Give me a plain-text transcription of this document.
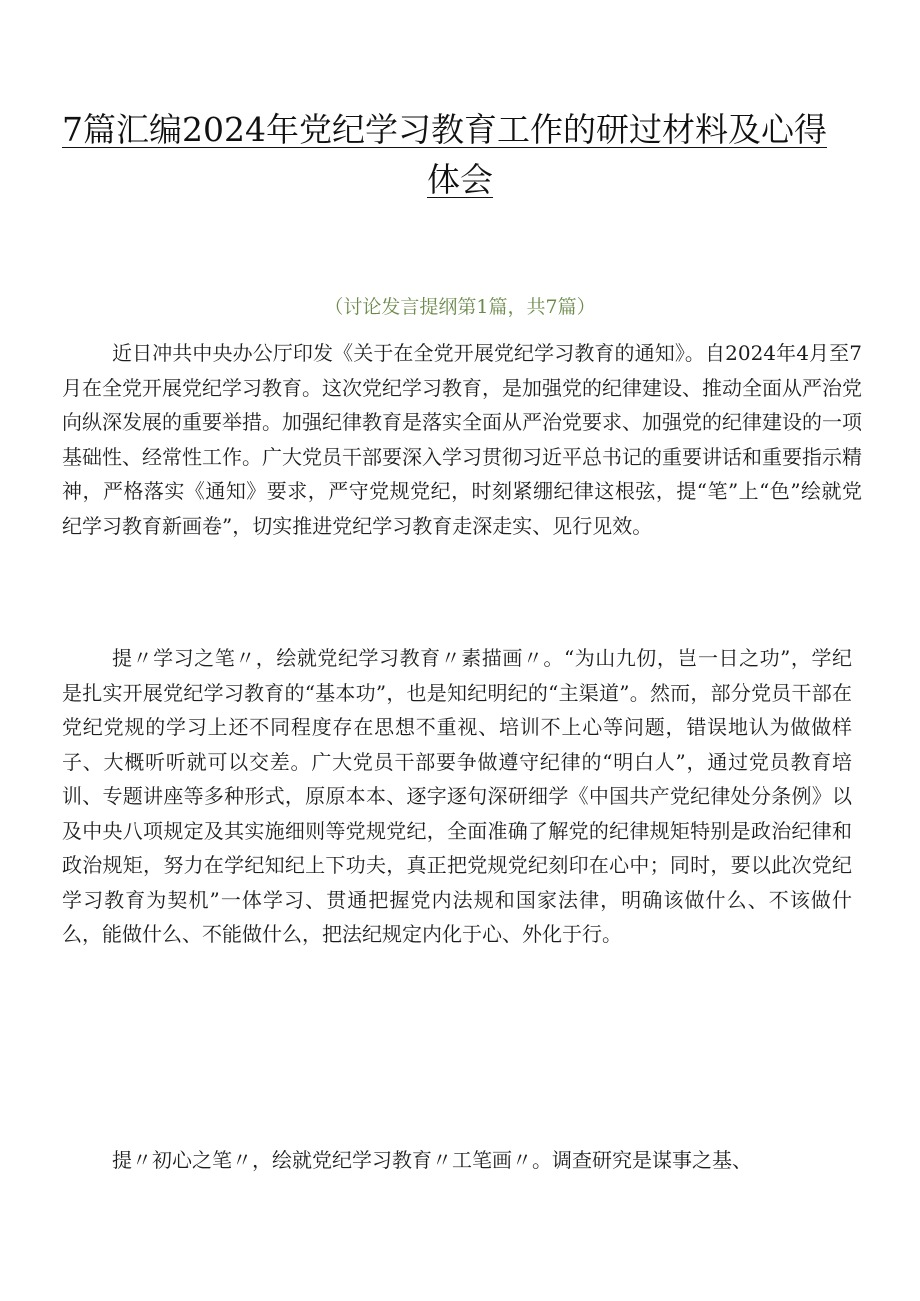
7篇汇编2024年党纪学习教育工作的研过材料及心得
体会
（讨论发言提纲第1篇，共7篇）
近日冲共中央办公厅印发《关于在全党开展党纪学习教育的通知》。自2024年4月至7月在全党开展党纪学习教育。这次党纪学习教育，是加强党的纪律建设、推动全面从严治党向纵深发展的重要举措。加强纪律教育是落实全面从严治党要求、加强党的纪律建设的一项基础性、经常性工作。广大党员干部要深入学习贯彻习近平总书记的重要讲话和重要指示精神，严格落实《通知》要求，严守党规党纪，时刻紧绷纪律这根弦，提“笔”上“色”绘就党纪学习教育新画卷”，切实推进党纪学习教育走深走实、见行见效。
提〃学习之笔〃，绘就党纪学习教育〃素描画〃。“为山九仞，岂一日之功”，学纪是扎实开展党纪学习教育的“基本功”，也是知纪明纪的“主渠道”。然而，部分党员干部在党纪党规的学习上还不同程度存在思想不重视、培训不上心等问题，错误地认为做做样子、大概听听就可以交差。广大党员干部要争做遵守纪律的“明白人”，通过党员教育培训、专题讲座等多种形式，原原本本、逐字逐句深研细学《中国共产党纪律处分条例》以及中央八项规定及其实施细则等党规党纪，全面准确了解党的纪律规矩特别是政治纪律和政治规矩，努力在学纪知纪上下功夫，真正把党规党纪刻印在心中；同时，要以此次党纪学习教育为契机”一体学习、贯通把握党内法规和国家法律，明确该做什么、不该做什么，能做什么、不能做什么，把法纪规定内化于心、外化于行。
提〃初心之笔〃，绘就党纪学习教育〃工笔画〃。调查研究是谋事之基、
